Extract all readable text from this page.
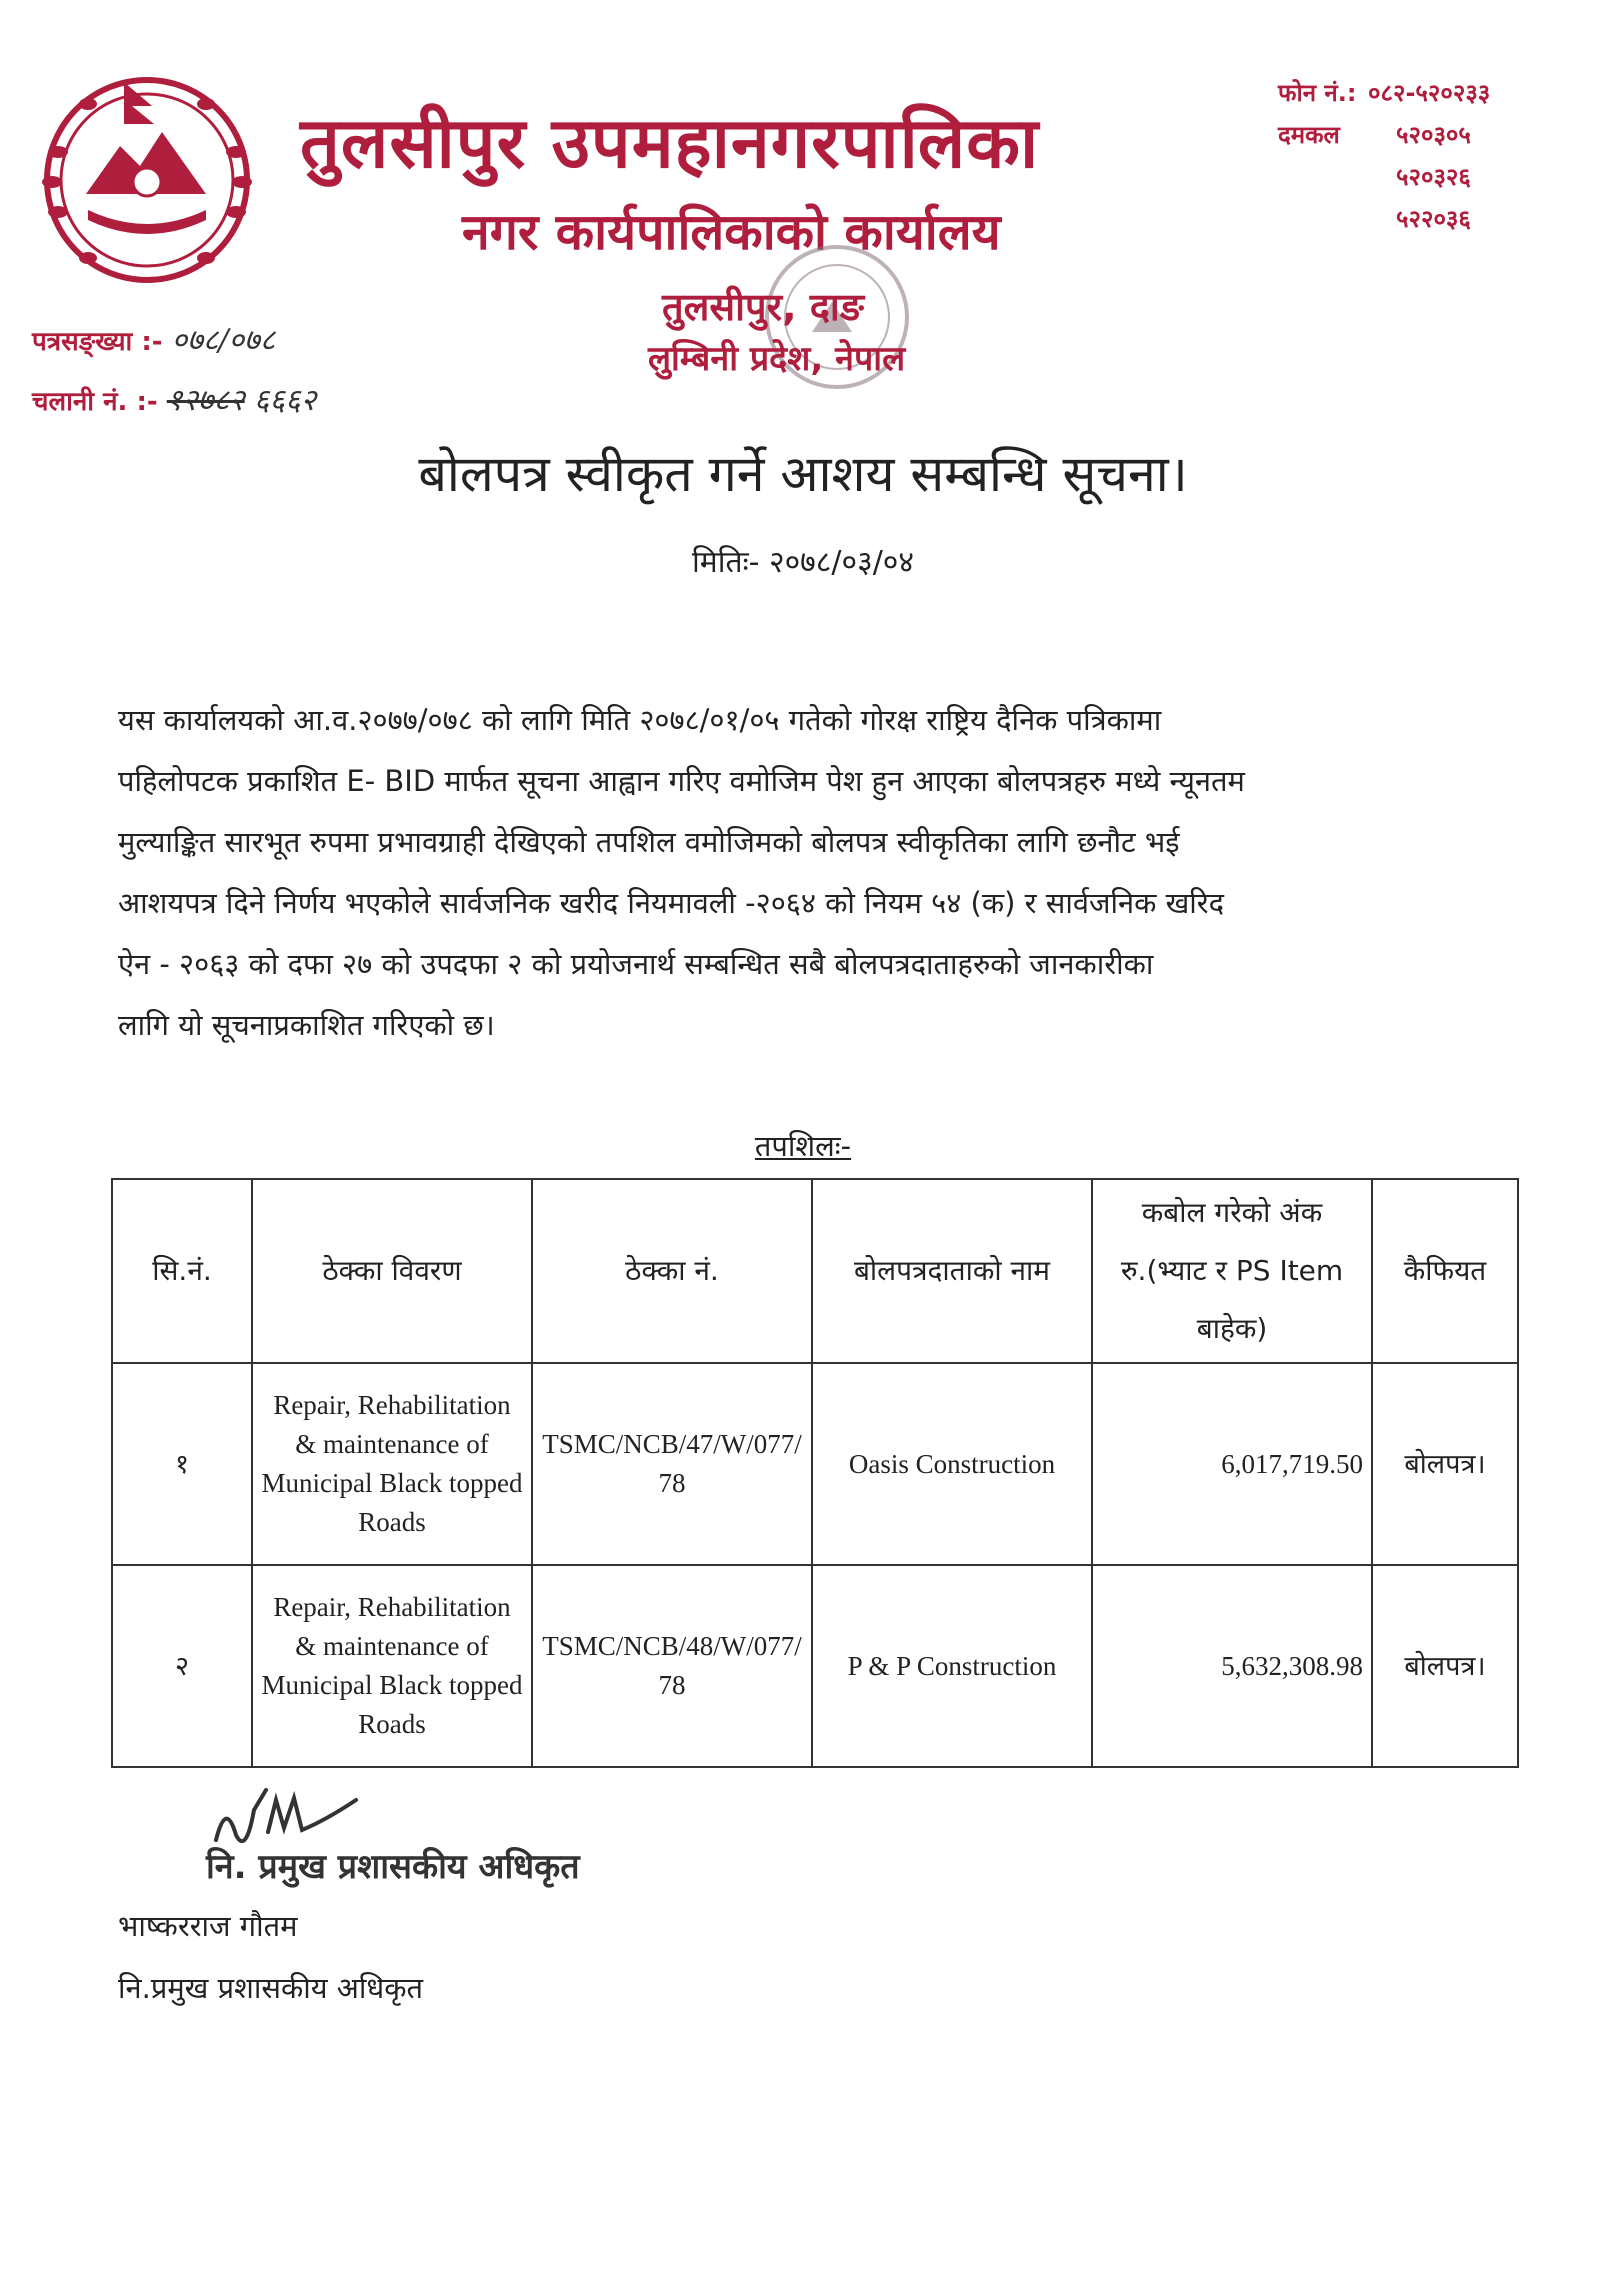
तुलसीपुर उपमहानगरपालिका
नगर कार्यपालिकाको कार्यालय
फोन नं.: ०८२-५२०२३३
दमकल	५२०३०५
५२०३२६
५२२०३६
तुलसीपुर, दाङ
लुम्बिनी प्रदेश, नेपाल
पत्रसङ्ख्या :- ०७८/०७८
चलानी नं. :- १२७८२ ६६६२
बोलपत्र स्वीकृत गर्ने आशय सम्बन्धि सूचना।
मितिः- २०७८/०३/०४

यस कार्यालयको आ.व.२०७७/०७८ को लागि मिति २०७८/०१/०५ गतेको गोरक्ष राष्ट्रिय दैनिक पत्रिकामा

पहिलोपटक प्रकाशित E- BID मार्फत सूचना आह्वान गरिए वमोजिम पेश हुन आएका बोलपत्रहरु मध्ये न्यूनतम

मुल्याङ्कित सारभूत रुपमा प्रभावग्राही देखिएको तपशिल वमोजिमको बोलपत्र स्वीकृतिका लागि छनौट भई

आशयपत्र दिने निर्णय भएकोले सार्वजनिक खरीद नियमावली -२०६४ को नियम ५४ (क) र सार्वजनिक खरिद

ऐन - २०६३ को दफा २७ को उपदफा २ को प्रयोजनार्थ सम्बन्धित सबै बोलपत्रदाताहरुको जानकारीका

लागि यो सूचनाप्रकाशित गरिएको छ।

तपशिलः-
सि.नं.	ठेक्का विवरण	ठेक्का नं.	बोलपत्रदाताको नाम	कबोल गरेको अंक
रु.(भ्याट र PS Item
बाहेक)	कैफियत
१	Repair, Rehabilitation & maintenance of Municipal Black topped Roads	TSMC/NCB/47/W/077/78	Oasis Construction	6,017,719.50	बोलपत्र।
२	Repair, Rehabilitation & maintenance of Municipal Black topped Roads	TSMC/NCB/48/W/077/78	P & P Construction	5,632,308.98	बोलपत्र।
नि. प्रमुख प्रशासकीय अधिकृत
भाष्कर‍राज गौतम
नि.प्रमुख प्रशासकीय अधिकृत
